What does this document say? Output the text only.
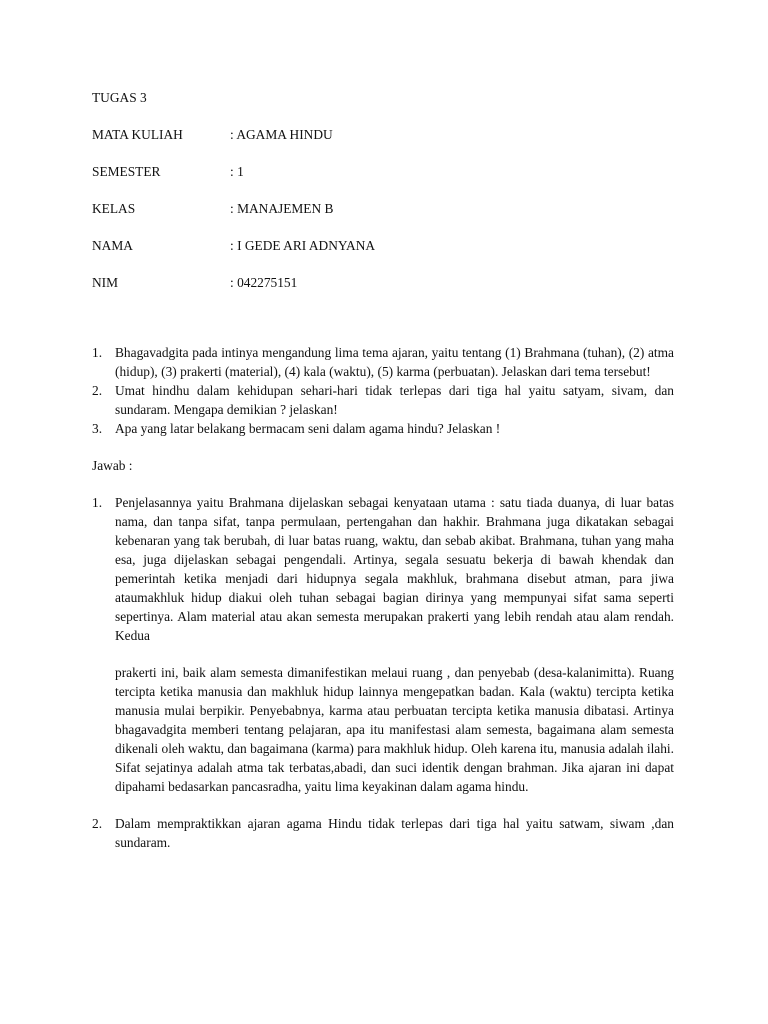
TUGAS 3
MATA KULIAH	: AGAMA HINDU
SEMESTER	: 1
KELAS	: MANAJEMEN B
NAMA	: I GEDE ARI ADNYANA
NIM	: 042275151
1. Bhagavadgita pada intinya mengandung lima tema ajaran, yaitu tentang (1) Brahmana (tuhan), (2) atma (hidup), (3) prakerti (material), (4) kala (waktu), (5) karma (perbuatan). Jelaskan dari tema tersebut!
2. Umat hindhu dalam kehidupan sehari-hari tidak terlepas dari tiga hal yaitu satyam, sivam, dan sundaram. Mengapa demikian ? jelaskan!
3. Apa yang latar belakang bermacam seni dalam agama hindu? Jelaskan !
Jawab :
1. Penjelasannya yaitu Brahmana dijelaskan sebagai kenyataan utama : satu tiada duanya, di luar batas nama, dan tanpa sifat, tanpa permulaan, pertengahan dan hakhir. Brahmana juga dikatakan sebagai kebenaran yang tak berubah, di luar batas ruang, waktu, dan sebab akibat. Brahmana, tuhan yang maha esa, juga dijelaskan sebagai pengendali. Artinya, segala sesuatu bekerja di bawah khendak dan pemerintah ketika menjadi dari hidupnya segala makhluk, brahmana disebut atman, para jiwa ataumakhluk hidup diakui oleh tuhan sebagai bagian dirinya yang mempunyai sifat sama seperti sepertinya. Alam material atau akan semesta merupakan prakerti yang lebih rendah atau alam rendah. Kedua
prakerti ini, baik alam semesta dimanifestikan melaui ruang , dan penyebab (desa-kalanimitta). Ruang tercipta ketika manusia dan makhluk hidup lainnya mengepatkan badan. Kala (waktu) tercipta ketika manusia mulai berpikir. Penyebabnya, karma atau perbuatan tercipta ketika manusia dibatasi. Artinya bhagavadgita memberi tentang pelajaran, apa itu manifestasi alam semesta, bagaimana alam semesta dikenali oleh waktu, dan bagaimana (karma) para makhluk hidup. Oleh karena itu, manusia adalah ilahi. Sifat sejatinya adalah atma tak terbatas,abadi, dan suci identik dengan brahman. Jika ajaran ini dapat dipahami bedasarkan pancasradha, yaitu lima keyakinan dalam agama hindu.
2. Dalam mempraktikkan ajaran agama Hindu tidak terlepas dari tiga hal yaitu satwam, siwam ,dan sundaram.
